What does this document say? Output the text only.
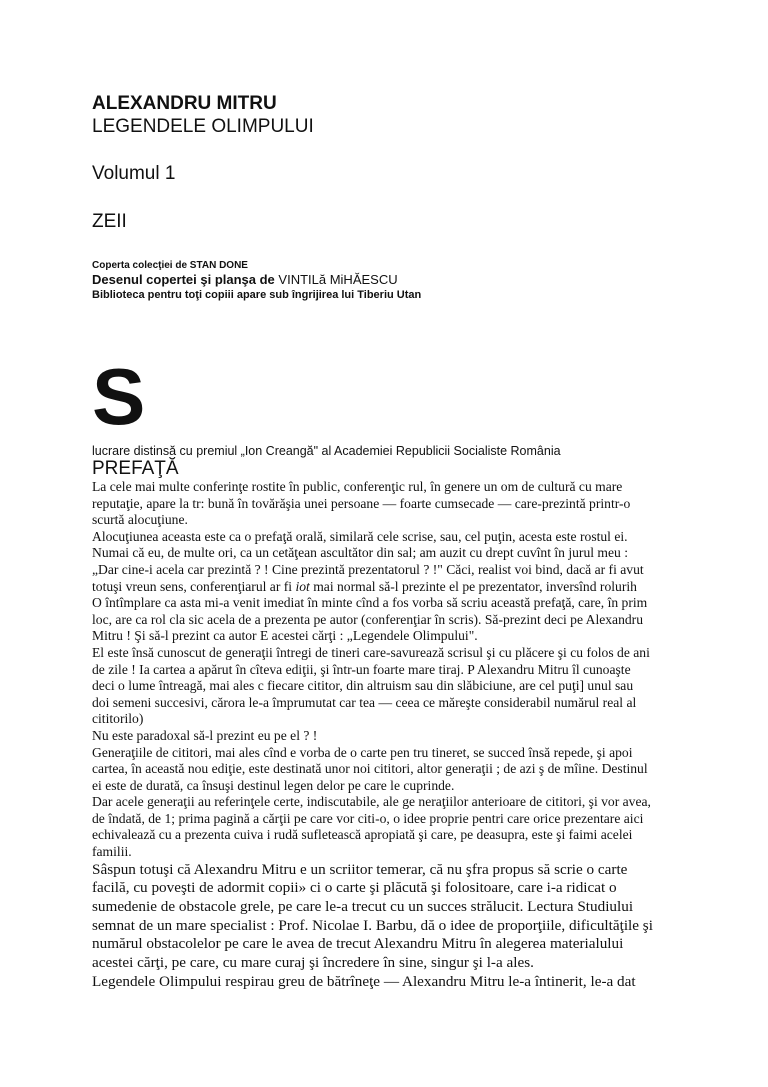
ALEXANDRU MITRU

LEGENDELE OLIMPULUI

Volumul 1

ZEII

Coperta colecţiei de STAN DONE

Desenul copertei şi planşa de VINTILă MiHĂESCU

Biblioteca pentru toţi copiii apare sub îngrijirea lui Tiberiu Utan

S

lucrare distinsă cu premiul „Ion Creangă" al Academiei Republicii Socialiste România

PREFAŢĂ

La cele mai multe conferinţe rostite în public, conferenţic rul, în genere un om de cultură cu mare

reputaţie, apare la tr: bună în tovărăşia unei persoane — foarte cumsecade — care-prezintă printr-o

scurtă alocuţiune.

Alocuţiunea aceasta este ca o prefaţă orală, similară cele scrise, sau, cel puţin, acesta este rostul ei.

Numai că eu, de multe ori, ca un cetăţean ascultător din sal; am auzit cu drept cuvînt în jurul meu :

„Dar cine-i acela car prezintă ? ! Cine prezintă prezentatorul ? !" Căci, realist voi bind, dacă ar fi avut

totuşi vreun sens, conferenţiarul ar fi iot mai normal să-l prezinte el pe prezentator, inversînd rolurih

O întîmplare ca asta mi-a venit imediat în minte cînd a fos vorba să scriu această prefaţă, care, în prim

loc, are ca rol cla sic acela de a prezenta pe autor (conferenţiar în scris). Să-prezint deci pe Alexandru

Mitru ! Şi să-l prezint ca autor E acestei cărţi : „Legendele Olimpului".

El este însă cunoscut de generaţii întregi de tineri care-savurează scrisul şi cu plăcere şi cu folos de ani

de zile ! Ia cartea a apărut în cîteva ediţii, şi într-un foarte mare tiraj. P Alexandru Mitru îl cunoaşte

deci o lume întreagă, mai ales c fiecare cititor, din altruism sau din slăbiciune, are cel puţi] unul sau

doi semeni succesivi, cărora le-a împrumutat car tea — ceea ce măreşte considerabil numărul real al

cititorilo)

Nu este paradoxal să-l prezint eu pe el ? !

Generaţiile de cititori, mai ales cînd e vorba de o carte pen tru tineret, se succed însă repede, şi apoi

cartea, în această nou ediţie, este destinată unor noi cititori, altor generaţii ; de azi ş de mîine. Destinul

ei este de durată, ca însuşi destinul legen delor pe care le cuprinde.

Dar acele generaţii au referinţele certe, indiscutabile, ale ge neraţiilor anterioare de cititori, şi vor avea,

de îndată, de 1; prima pagină a cărţii pe care vor citi-o, o idee proprie pentri care orice prezentare aici

echivalează cu a prezenta cuiva i rudă sufletească apropiată şi care, pe deasupra, este şi faimi acelei

familii.

Sâspun totuşi că Alexandru Mitru e un scriitor temerar, că nu şfra propus să scrie o carte

facilă, cu poveşti de adormit copii» ci o carte şi plăcută şi folositoare, care i-a ridicat o

sumedenie de obstacole grele, pe care le-a trecut cu un succes strălucit. Lectura Studiului

semnat de un mare specialist : Prof. Nicolae I. Barbu, dă o idee de proporţiile, dificultăţile şi

numărul obstacolelor pe care le avea de trecut Alexandru Mitru în alegerea materialului

acestei cărţi, pe care, cu mare curaj şi încredere în sine, singur şi l-a ales.

Legendele Olimpului respirau greu de bătrîneţe — Alexandru Mitru le-a întinerit, le-a dat
